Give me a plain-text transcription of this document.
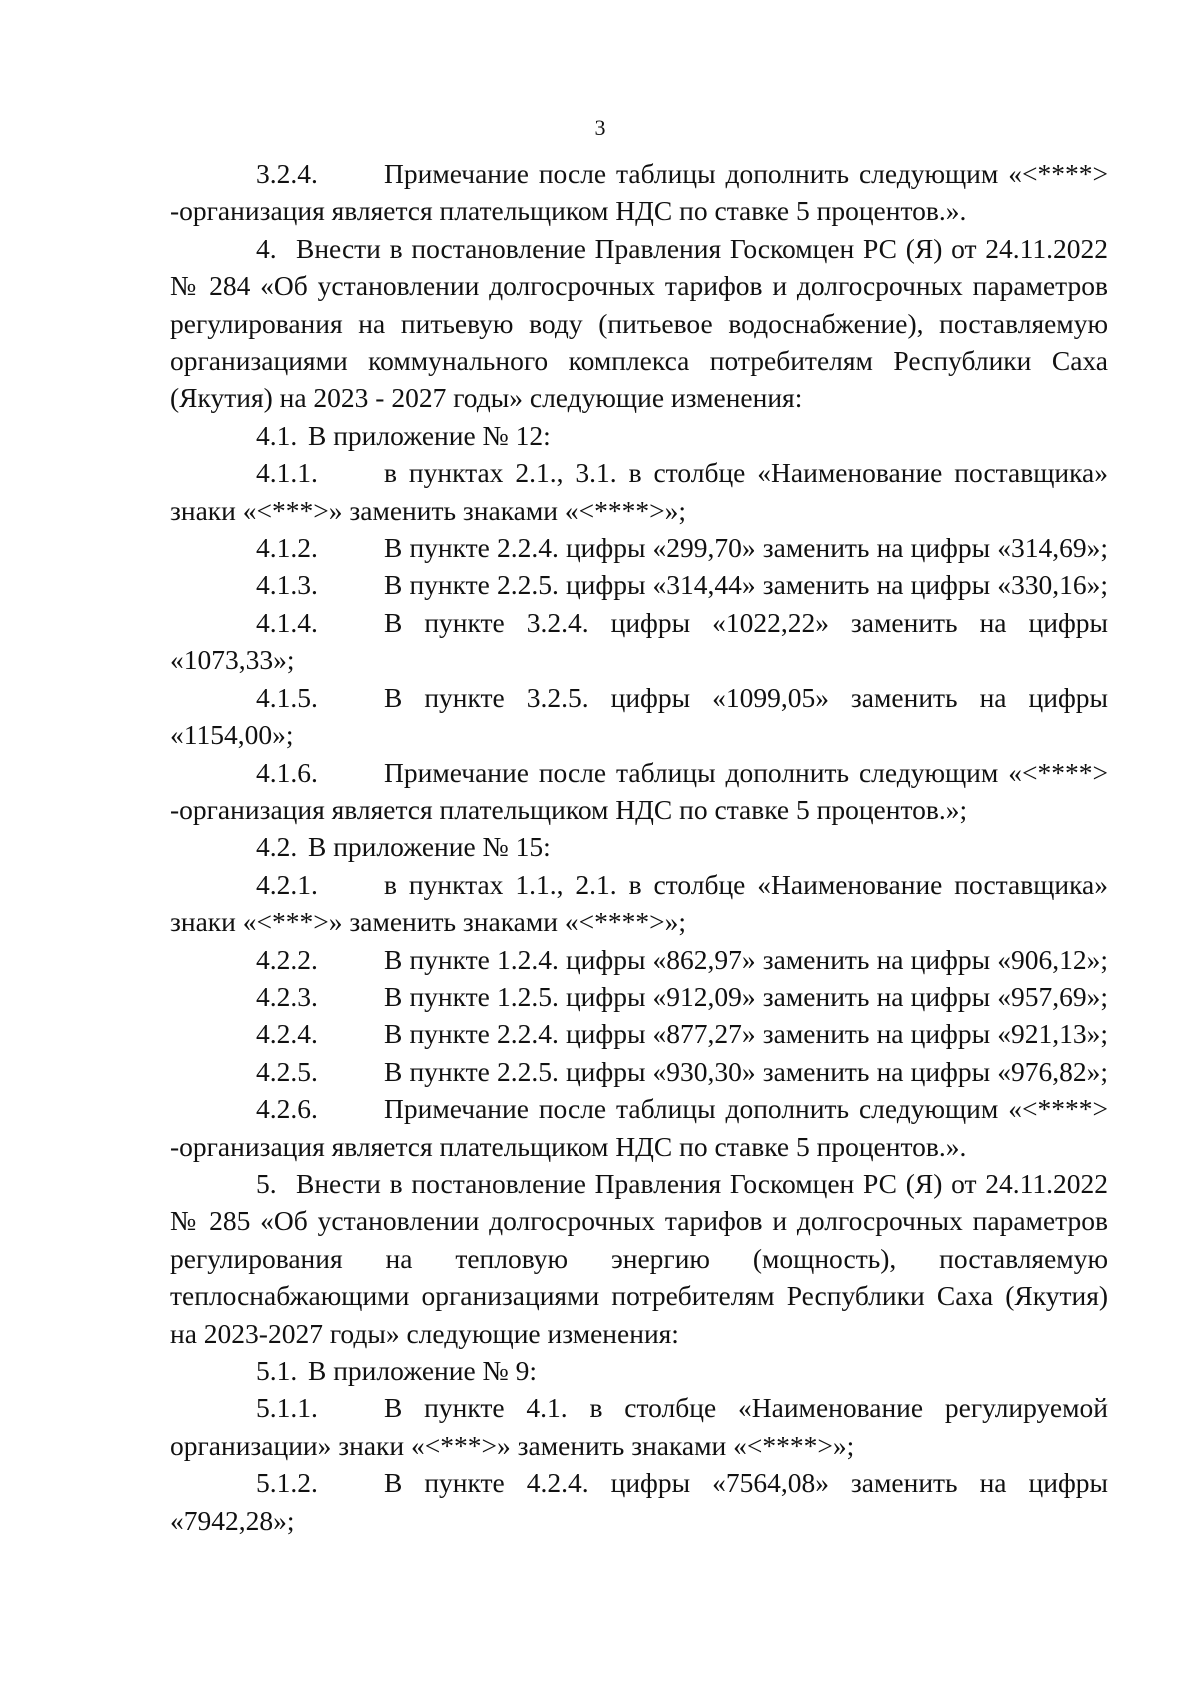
3

3.2.4. Примечание после таблицы дополнить следующим «<****> -организация является плательщиком НДС по ставке 5 процентов.».

4. Внести в постановление Правления Госкомцен РС (Я) от 24.11.2022 № 284 «Об установлении долгосрочных тарифов и долгосрочных параметров регулирования на питьевую воду (питьевое водоснабжение), поставляемую организациями коммунального комплекса потребителям Республики Саха (Якутия) на 2023 - 2027 годы» следующие изменения:

4.1. В приложение № 12:

4.1.1. в пунктах 2.1., 3.1. в столбце «Наименование поставщика» знаки «<***>» заменить знаками «<****>»;

4.1.2. В пункте 2.2.4. цифры «299,70» заменить на цифры «314,69»;

4.1.3. В пункте 2.2.5. цифры «314,44» заменить на цифры «330,16»;

4.1.4. В пункте 3.2.4. цифры «1022,22» заменить на цифры «1073,33»;

4.1.5. В пункте 3.2.5. цифры «1099,05» заменить на цифры «1154,00»;

4.1.6. Примечание после таблицы дополнить следующим «<****> -организация является плательщиком НДС по ставке 5 процентов.»;

4.2. В приложение № 15:

4.2.1. в пунктах 1.1., 2.1. в столбце «Наименование поставщика» знаки «<***>» заменить знаками «<****>»;

4.2.2. В пункте 1.2.4. цифры «862,97» заменить на цифры «906,12»;

4.2.3. В пункте 1.2.5. цифры «912,09» заменить на цифры «957,69»;

4.2.4. В пункте 2.2.4. цифры «877,27» заменить на цифры «921,13»;

4.2.5. В пункте 2.2.5. цифры «930,30» заменить на цифры «976,82»;

4.2.6. Примечание после таблицы дополнить следующим «<****> -организация является плательщиком НДС по ставке 5 процентов.».

5. Внести в постановление Правления Госкомцен РС (Я) от 24.11.2022 № 285 «Об установлении долгосрочных тарифов и долгосрочных параметров регулирования на тепловую энергию (мощность), поставляемую теплоснабжающими организациями потребителям Республики Саха (Якутия) на 2023-2027 годы» следующие изменения:

5.1. В приложение № 9:

5.1.1. В пункте 4.1. в столбце «Наименование регулируемой организации» знаки «<***>» заменить знаками «<****>»;

5.1.2. В пункте 4.2.4. цифры «7564,08» заменить на цифры «7942,28»;
